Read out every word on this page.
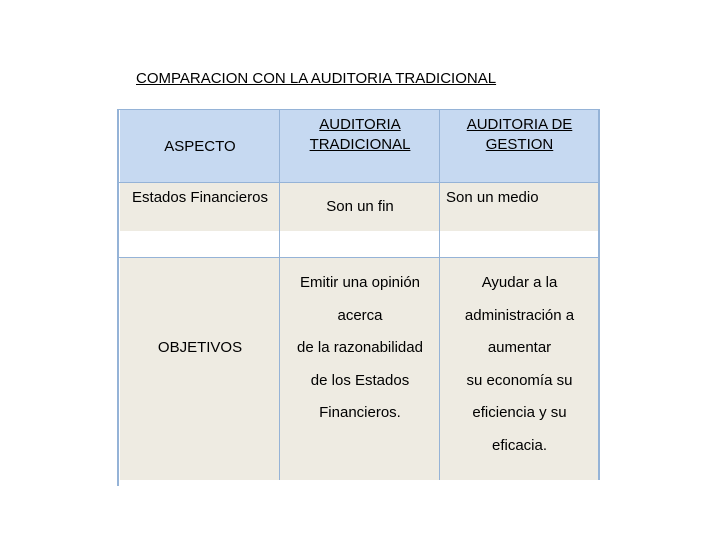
COMPARACION CON LA AUDITORIA TRADICIONAL
ASPECTO
AUDITORIA
TRADICIONAL
AUDITORIA DE
GESTION
Estados Financieros
Son un fin
Son un medio
OBJETIVOS
Emitir una opinión
acerca
de la razonabilidad
de los Estados
Financieros.
Ayudar a la
administración a
aumentar
su economía su
eficiencia y su
eficacia.
